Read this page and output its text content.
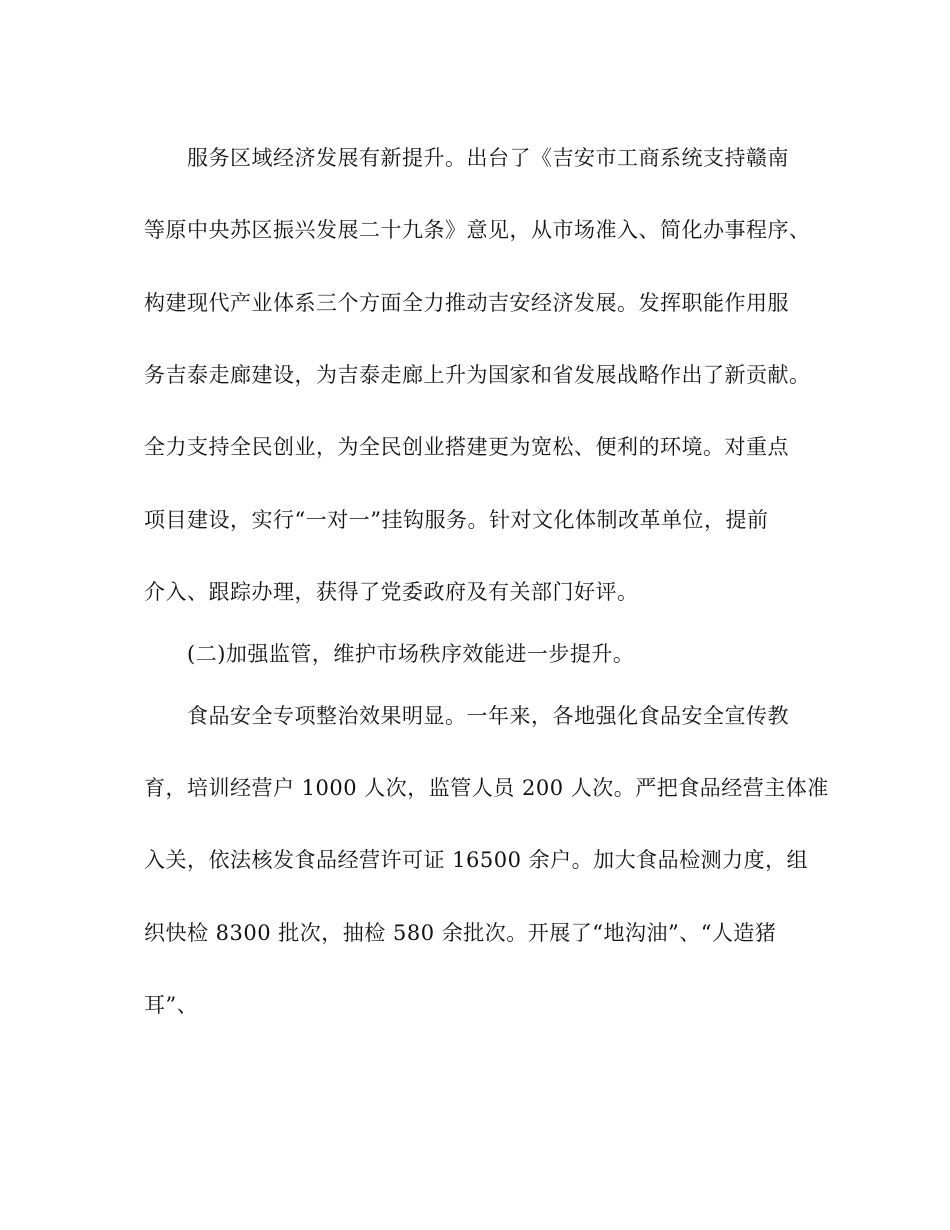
服务区域经济发展有新提升。出台了《吉安市工商系统支持赣南
等原中央苏区振兴发展二十九条》意见，从市场准入、简化办事程序、
构建现代产业体系三个方面全力推动吉安经济发展。发挥职能作用服
务吉泰走廊建设，为吉泰走廊上升为国家和省发展战略作出了新贡献。
全力支持全民创业，为全民创业搭建更为宽松、便利的环境。对重点
项目建设，实行“一对一”挂钩服务。针对文化体制改革单位，提前
介入、跟踪办理，获得了党委政府及有关部门好评。
(二)加强监管，维护市场秩序效能进一步提升。
食品安全专项整治效果明显。一年来，各地强化食品安全宣传教
育，培训经营户 1000 人次，监管人员 200 人次。严把食品经营主体准
入关，依法核发食品经营许可证 16500 余户。加大食品检测力度，组
织快检 8300 批次，抽检 580 余批次。开展了“地沟油”、“人造猪
耳”、
